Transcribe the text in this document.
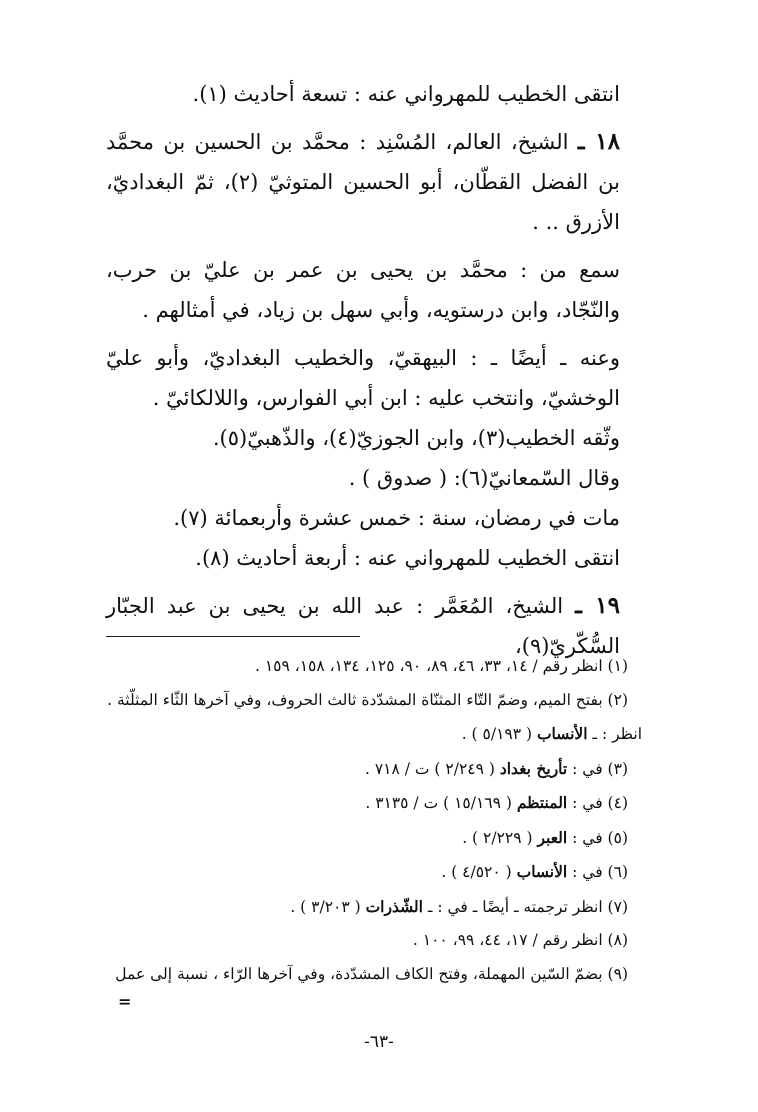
انتقى الخطيب للمهرواني عنه : تسعة أحاديث (١).

١٨ ـ الشيخ، العالم، المُسْنِد : محمَّد بن الحسين بن محمَّد بن الفضل القطّان، أبو الحسين المتوثيّ (٢)، ثمّ البغداديّ، الأزرق .. .

سمع من : محمَّد بن يحيى بن عمر بن عليّ بن حرب، والنّجّاد، وابن درستويه، وأبي سهل بن زياد، في أمثالهم .

وعنه ـ أيضًا ـ : البيهقيّ، والخطيب البغداديّ، وأبو عليّ الوخشيّ، وانتخب عليه : ابن أبي الفوارس، واللالكائيّ .

وثّقه الخطيب(٣)، وابن الجوزيّ(٤)، والذّهبيّ(٥).

وقال السّمعانيّ(٦): ( صدوق ) .

مات في رمضان، سنة : خمس عشرة وأربعمائة (٧).

انتقى الخطيب للمهرواني عنه : أربعة أحاديث (٨).

١٩ ـ الشيخ، المُعَمَّر : عبد الله بن يحيى بن عبد الجبّار السُّكّريّ(٩)،

(١) انظر رقم / ١٤، ٣٣، ٤٦، ٨٩، ٩٠، ١٢٥، ١٣٤، ١٥٨، ١٥٩ .

(٢) بفتح الميم، وضمّ التّاء المثنّاة المشدّدة ثالث الحروف، وفي آخرها الثّاء المثلّثة .

انظر : ـ الأنساب ( ٥/١٩٣ ) .

(٣) في : تأريخ بغداد ( ٢/٢٤٩ ) ت / ٧١٨ .

(٤) في : المنتظم ( ١٥/١٦٩ ) ت / ٣١٣٥ .

(٥) في : العبر ( ٢/٢٢٩ ) .

(٦) في : الأنساب ( ٤/٥٢٠ ) .

(٧) انظر ترجمته ـ أيضًا ـ في : ـ الشّذرات ( ٣/٢٠٣ ) .

(٨) انظر رقم / ١٧، ٤٤، ٩٩، ١٠٠ .

(٩) بضمّ السّين المهملة، وفتح الكاف المشدّدة، وفي آخرها الرّاء ، نسبة إلى عمل

=
-٦٣-
